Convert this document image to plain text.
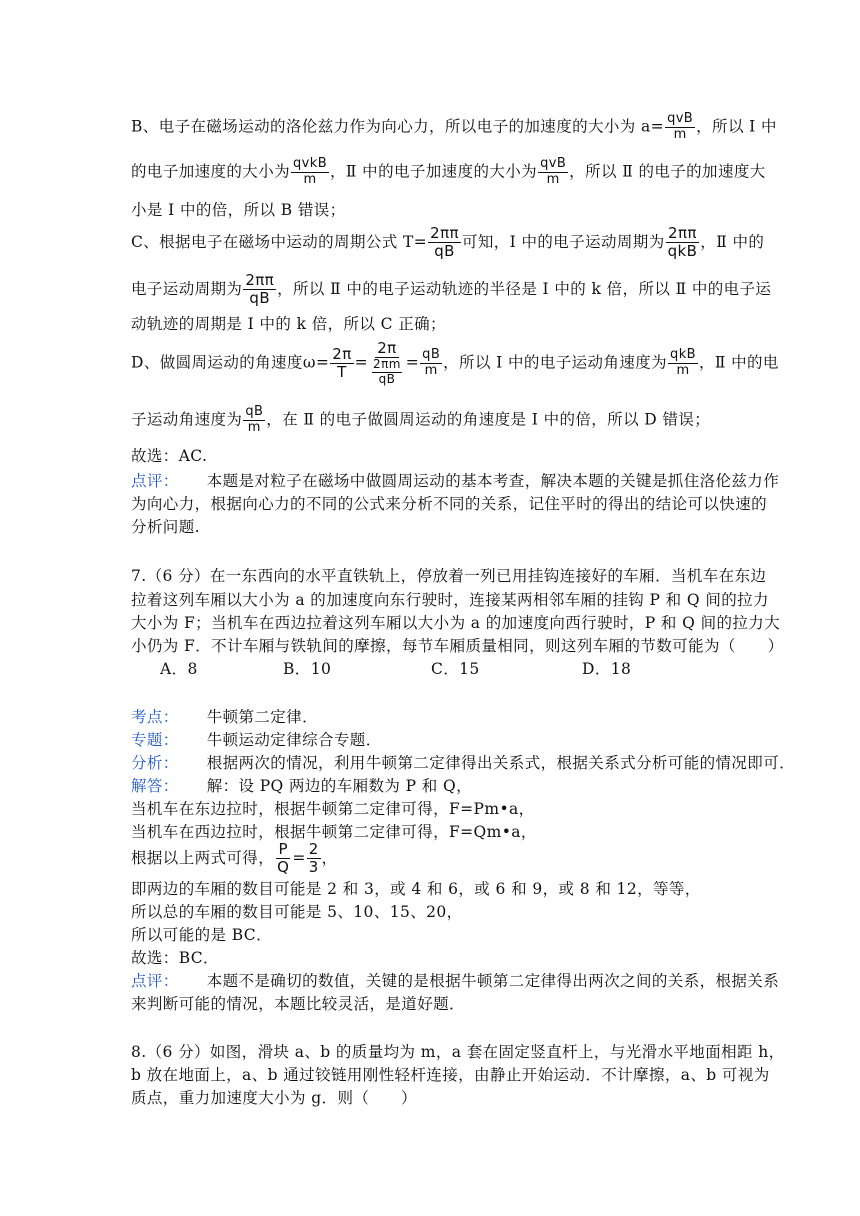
B、电子在磁场运动的洛伦兹力作为向心力，所以电子的加速度的大小为 $a= \frac{\text{qvB}}{m}$ ，所以 Ⅰ 中
的电子加速度的大小为 $\frac{\text{qvkB}}{m}$ ，Ⅱ 中的电子加速度的大小为 $\frac{\text{qvB}}{m}$ ，所以 Ⅱ 的电子的加速度大
小是 Ⅰ 中的倍，所以 B 错误；
C、根据电子在磁场中运动的周期公式 $T= \frac{2\pi\pi}{qB}$ 可知，Ⅰ 中的电子运动周期为 $\frac{2\pi\pi}{\text{qkB}}$ ，Ⅱ 中的
电子运动周期为 $\frac{2\pi\pi}{qB}$ ，所以 Ⅱ 中的电子运动轨迹的半径是 Ⅰ 中的 k 倍，所以 Ⅱ 中的电子运
动轨迹的周期是 Ⅰ 中的 k 倍，所以 C 正确；
D、做圆周运动的角速度$\omega= \frac{2\pi}{T} = \frac{2\pi}{\frac{2\pi m}{qB}} = \frac{qB}{m}$ ，所以 Ⅰ 中的电子运动角速度为 $\frac{\text{qkB}}{m}$ ，Ⅱ 中的电
子运动角速度为 $\frac{qB}{m}$ ，在 Ⅱ 的电子做圆周运动的角速度是 Ⅰ 中的倍，所以 D 错误；
故选：AC.
点评： 本题是对粒子在磁场中做圆周运动的基本考查，解决本题的关键是抓住洛伦兹力作
为向心力，根据向心力的不同的公式来分析不同的关系，记住平时的得出的结论可以快速的
分析问题.
7.（6 分）在一东西向的水平直铁轨上，停放着一列已用挂钩连接好的车厢．当机车在东边
拉着这列车厢以大小为 a 的加速度向东行驶时，连接某两相邻车厢的挂钩 P 和 Q 间的拉力
大小为 F；当机车在西边拉着这列车厢以大小为 a 的加速度向西行驶时，P 和 Q 间的拉力大
小仍为 F．不计车厢与铁轨间的摩擦，每节车厢质量相同，则这列车厢的节数可能为（　　）
A．8	B．10	C．15	D．18
考点： 牛顿第二定律．
专题： 牛顿运动定律综合专题．
分析： 根据两次的情况，利用牛顿第二定律得出关系式，根据关系式分析可能的情况即可．
解答： 解：设 PQ 两边的车厢数为 P 和 Q，
当机车在东边拉时，根据牛顿第二定律可得，F=Pm•a，
当机车在西边拉时，根据牛顿第二定律可得，F=Qm•a，
根据以上两式可得， $\frac{P}{Q} = \frac{2}{3}$ ，
即两边的车厢的数目可能是 2 和 3，或 4 和 6，或 6 和 9，或 8 和 12，等等，
所以总的车厢的数目可能是 5、10、15、20，
所以可能的是 BC．
故选：BC．
点评： 本题不是确切的数值，关键的是根据牛顿第二定律得出两次之间的关系，根据关系
来判断可能的情况，本题比较灵活，是道好题．
8.（6 分）如图，滑块 a、b 的质量均为 m，a 套在固定竖直杆上，与光滑水平地面相距 h，
b 放在地面上，a、b 通过铰链用刚性轻杆连接，由静止开始运动．不计摩擦，a、b 可视为
质点，重力加速度大小为 g．则（　　）
